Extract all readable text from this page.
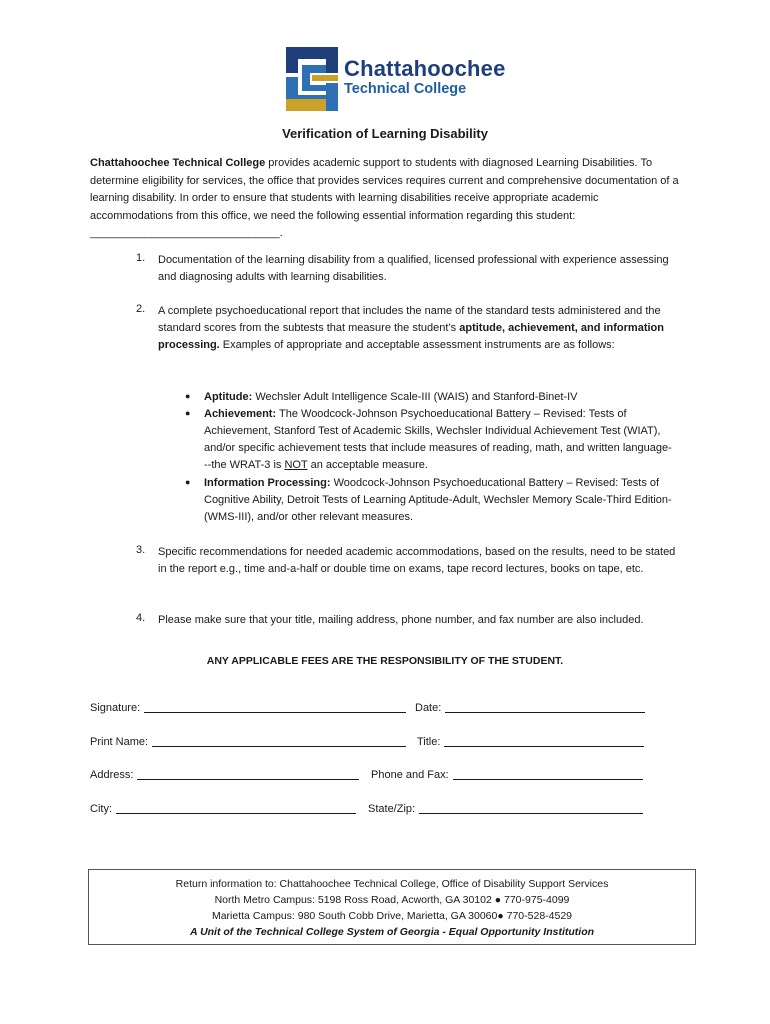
Chattahoochee
Technical College
Verification of Learning Disability

Chattahoochee Technical College provides academic support to students with diagnosed Learning Disabilities. To determine eligibility for services, the office that provides services requires current and comprehensive documentation of a learning disability. In order to ensure that students with learning disabilities receive appropriate academic accommodations from this office, we need the following essential information regarding this student: _______________________________.

1. Documentation of the learning disability from a qualified, licensed professional with experience assessing and diagnosing adults with learning disabilities.

2. A complete psychoeducational report that includes the name of the standard tests administered and the standard scores from the subtests that measure the student’s aptitude, achievement, and information processing. Examples of appropriate and acceptable assessment instruments are as follows:

● Aptitude: Wechsler Adult Intelligence Scale-III (WAIS) and Stanford-Binet-IV

● Achievement: The Woodcock-Johnson Psychoeducational Battery – Revised: Tests of Achievement, Stanford Test of Academic Skills, Wechsler Individual Achievement Test (WIAT), and/or specific achievement tests that include measures of reading, math, and written language---the WRAT-3 is NOT an acceptable measure.

● Information Processing: Woodcock-Johnson Psychoeducational Battery – Revised: Tests of Cognitive Ability, Detroit Tests of Learning Aptitude-Adult, Wechsler Memory Scale-Third Edition-(WMS-III), and/or other relevant measures.

3. Specific recommendations for needed academic accommodations, based on the results, need to be stated in the report e.g., time and-a-half or double time on exams, tape record lectures, books on tape, etc.

4. Please make sure that your title, mailing address, phone number, and fax number are also included.

ANY APPLICABLE FEES ARE THE RESPONSIBILITY OF THE STUDENT.
Signature:	Date:
Print Name:	Title:
Address:	Phone and Fax:
City:	State/Zip:
Return information to: Chattahoochee Technical College, Office of Disability Support Services
North Metro Campus: 5198 Ross Road, Acworth, GA 30102 ● 770-975-4099
Marietta Campus: 980 South Cobb Drive, Marietta, GA 30060● 770-528-4529
A Unit of the Technical College System of Georgia - Equal Opportunity Institution
